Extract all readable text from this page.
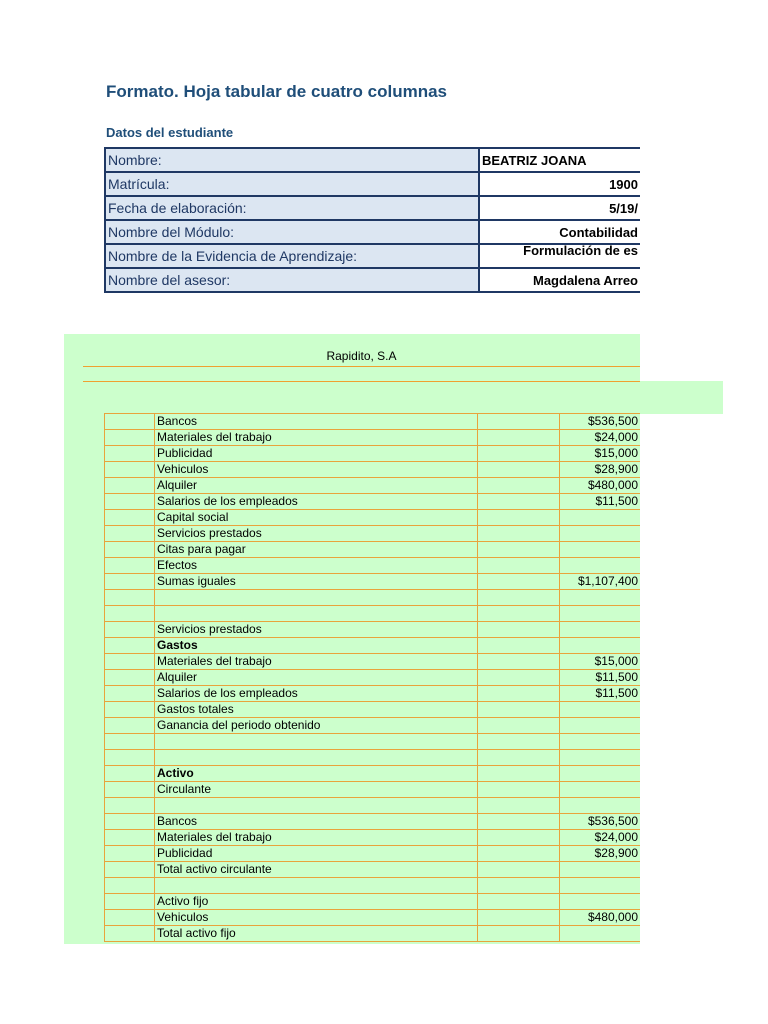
Formato. Hoja tabular de cuatro columnas
Datos del estudiante
Nombre:	BEATRIZ JOANA
Matrícula:	1900
Fecha de elaboración:	5/19/
Nombre del Módulo:	Contabilidad
Nombre de la Evidencia de Aprendizaje:	Formulación de es
Nombre del asesor:	Magdalena Arreo
Rapidito, S.A
	Bancos		$536,500
	Materiales del trabajo		$24,000
	Publicidad		$15,000
	Vehiculos		$28,900
	Alquiler		$480,000
	Salarios de los empleados		$11,500
	Capital social		
	Servicios prestados		
	Citas para pagar		
	Efectos		
	Sumas iguales		$1,107,400

	Servicios prestados		
	Gastos		
	Materiales del trabajo		$15,000
	Alquiler		$11,500
	Salarios de los empleados		$11,500
	Gastos totales		
	Ganancia del periodo obtenido		

	Activo		
	Circulante		

	Bancos		$536,500
	Materiales del trabajo		$24,000
	Publicidad		$28,900
	Total activo circulante		

	Activo fijo		
	Vehiculos		$480,000
	Total activo fijo		
